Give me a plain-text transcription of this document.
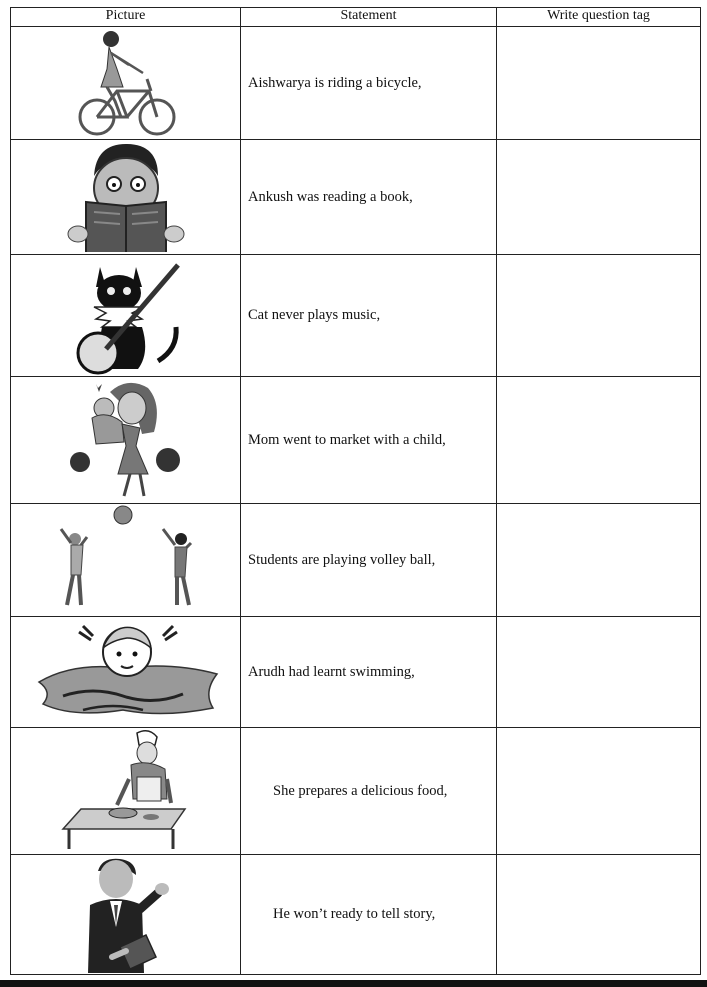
Picture	Statement	Write question tag

	Aishwarya is riding a bicycle,	

	Ankush was reading a book,	

	Cat never plays music,	

	Mom went to market with a child,	

	Students are playing volley ball,	

	Arudh had learnt swimming,	

	She prepares a delicious food,	

	He won’t ready to tell story,	
